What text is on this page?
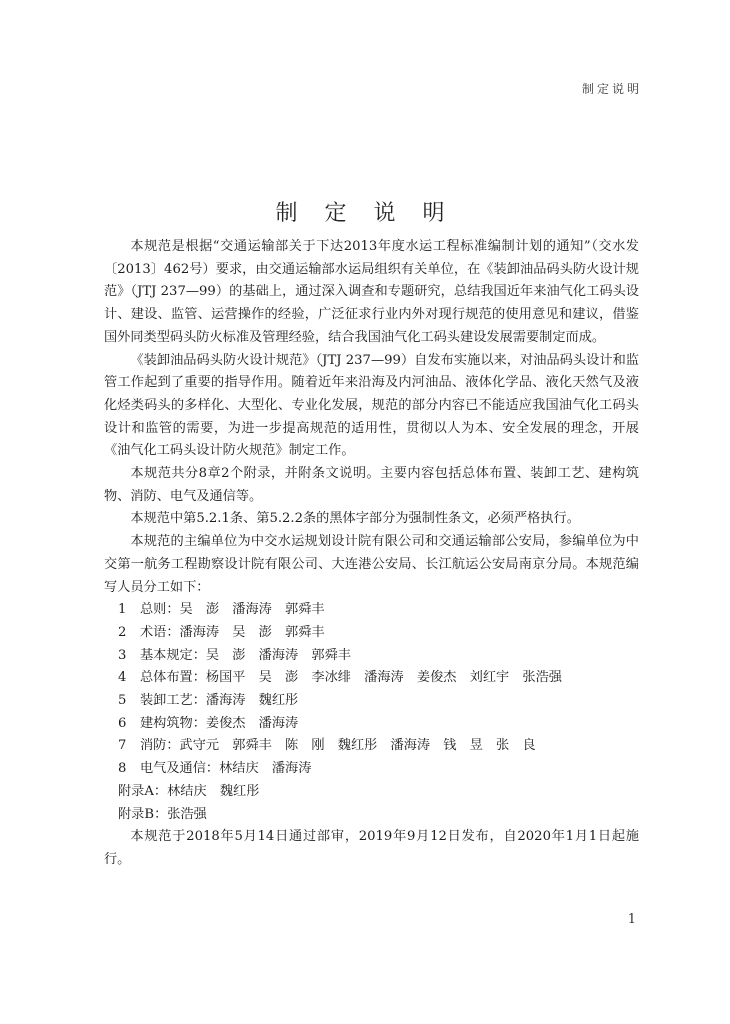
制定说明
制 定 说 明

本规范是根据“交通运输部关于下达2013年度水运工程标准编制计划的通知”（交水发〔2013〕462号）要求，由交通运输部水运局组织有关单位，在《装卸油品码头防火设计规范》（JTJ 237—99）的基础上，通过深入调查和专题研究，总结我国近年来油气化工码头设计、建设、监管、运营操作的经验，广泛征求行业内外对现行规范的使用意见和建议，借鉴国外同类型码头防火标准及管理经验，结合我国油气化工码头建设发展需要制定而成。

《装卸油品码头防火设计规范》（JTJ 237—99）自发布实施以来，对油品码头设计和监管工作起到了重要的指导作用。随着近年来沿海及内河油品、液体化学品、液化天然气及液化烃类码头的多样化、大型化、专业化发展，规范的部分内容已不能适应我国油气化工码头设计和监管的需要，为进一步提高规范的适用性，贯彻以人为本、安全发展的理念，开展《油气化工码头设计防火规范》制定工作。

本规范共分8章2个附录，并附条文说明。主要内容包括总体布置、装卸工艺、建构筑物、消防、电气及通信等。

本规范中第5.2.1条、第5.2.2条的黑体字部分为强制性条文，必须严格执行。

本规范的主编单位为中交水运规划设计院有限公司和交通运输部公安局，参编单位为中交第一航务工程勘察设计院有限公司、大连港公安局、长江航运公安局南京分局。本规范编写人员分工如下：

1 总则：吴　澎　潘海涛　郭舜丰
2 术语：潘海涛　吴　澎　郭舜丰
3 基本规定：吴　澎　潘海涛　郭舜丰
4 总体布置：杨国平　吴　澎　李冰绯　潘海涛　姜俊杰　刘红宇　张浩强
5 装卸工艺：潘海涛　魏红彤
6 建构筑物：姜俊杰　潘海涛
7 消防：武守元　郭舜丰　陈　刚　魏红彤　潘海涛　钱　昱　张　良
8 电气及通信：林结庆　潘海涛
附录A：林结庆　魏红彤
附录B：张浩强

本规范于2018年5月14日通过部审，2019年9月12日发布，自2020年1月1日起施行。

1
